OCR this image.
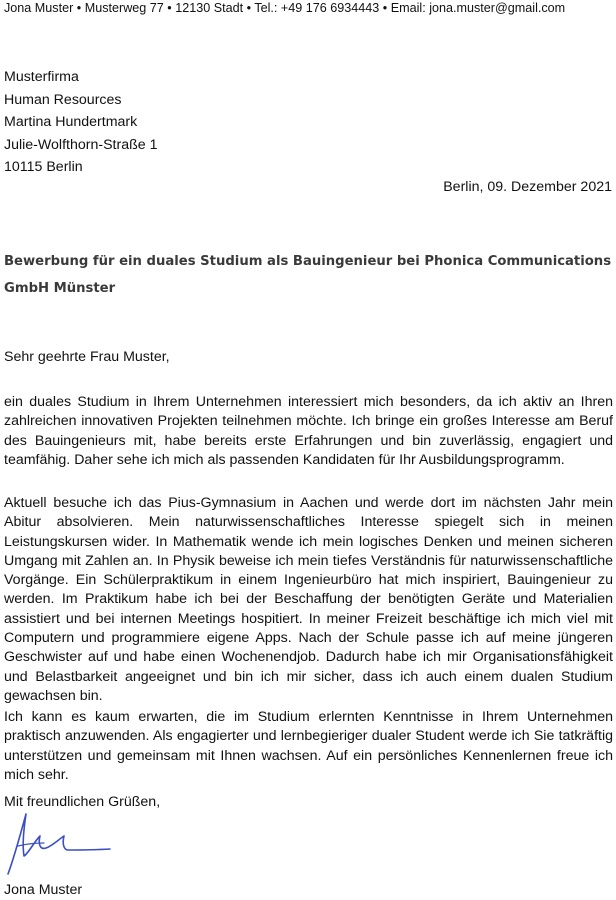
Jona Muster • Musterweg 77 • 12130 Stadt • Tel.: +49 176 6934443 • Email: jona.muster@gmail.com
Musterfirma
Human Resources
Martina Hundertmark
Julie-Wolfthorn-Straße 1
10115 Berlin
Berlin, 09. Dezember 2021
Bewerbung für ein duales Studium als Bauingenieur bei Phonica Communications GmbH Münster
Sehr geehrte Frau Muster,
ein duales Studium in Ihrem Unternehmen interessiert mich besonders, da ich aktiv an Ihren zahlreichen innovativen Projekten teilnehmen möchte. Ich bringe ein großes Interesse am Beruf des Bauingenieurs mit, habe bereits erste Erfahrungen und bin zuverlässig, engagiert und teamfähig. Daher sehe ich mich als passenden Kandidaten für Ihr Ausbildungsprogramm.
Aktuell besuche ich das Pius-Gymnasium in Aachen und werde dort im nächsten Jahr mein Abitur absolvieren. Mein naturwissenschaftliches Interesse spiegelt sich in meinen Leistungskursen wider. In Mathematik wende ich mein logisches Denken und meinen sicheren Umgang mit Zahlen an. In Physik beweise ich mein tiefes Verständnis für naturwissenschaftliche Vorgänge. Ein Schülerpraktikum in einem Ingenieurbüro hat mich inspiriert, Bauingenieur zu werden. Im Praktikum habe ich bei der Beschaffung der benötigten Geräte und Materialien assistiert und bei internen Meetings hospitiert. In meiner Freizeit beschäftige ich mich viel mit Computern und programmiere eigene Apps. Nach der Schule passe ich auf meine jüngeren Geschwister auf und habe einen Wochenendjob. Dadurch habe ich mir Organisationsfähigkeit und Belastbarkeit angeeignet und bin ich mir sicher, dass ich auch einem dualen Studium gewachsen bin.
Ich kann es kaum erwarten, die im Studium erlernten Kenntnisse in Ihrem Unternehmen praktisch anzuwenden. Als engagierter und lernbegieriger dualer Student werde ich Sie tatkräftig unterstützen und gemeinsam mit Ihnen wachsen. Auf ein persönliches Kennenlernen freue ich mich sehr.
Mit freundlichen Grüßen,
Jona Muster
